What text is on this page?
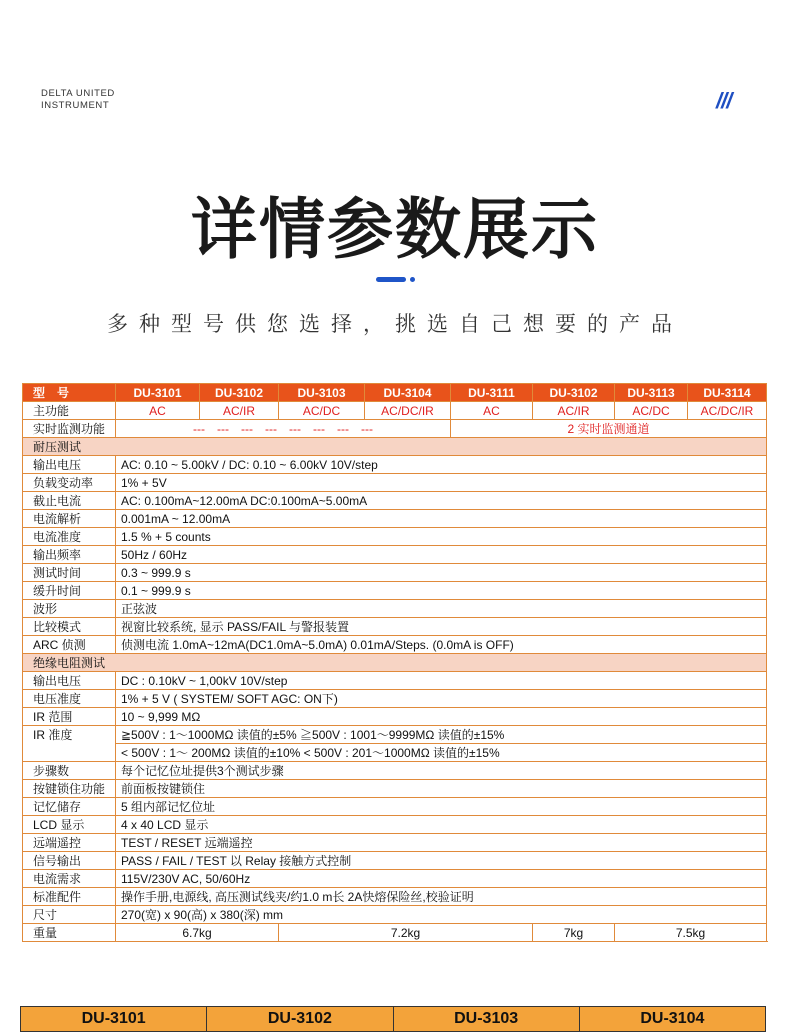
DELTA UNITED
INSTRUMENT	///
详情参数展示
多种型号供您选择，挑选自己想要的产品
型　号	DU-3101	DU-3102	DU-3103	DU-3104	DU-3111	DU-3102	DU-3113	DU-3114
主功能	AC	AC/IR	AC/DC	AC/DC/IR	AC	AC/IR	AC/DC	AC/DC/IR
实时监测功能	---　---　---　---　---　---　---　---				2 实时监测通道			
耐压测试								
输出电压	AC: 0.10 ~ 5.00kV / DC: 0.10 ~ 6.00kV 10V/step							
负载变动率	1% + 5V							
截止电流	AC: 0.100mA~12.00mA DC:0.100mA~5.00mA							
电流解析	0.001mA ~ 12.00mA							
电流准度	1.5 % + 5 counts							
输出频率	50Hz / 60Hz							
测试时间	0.3 ~ 999.9 s							
缓升时间	0.1 ~ 999.9 s							
波形	正弦波							
比较模式	视窗比较系统, 显示 PASS/FAIL 与警报装置							
ARC 侦测	侦测电流 1.0mA~12mA(DC1.0mA~5.0mA) 0.01mA/Steps. (0.0mA is OFF)							
绝缘电阻测试								
输出电压	DC : 0.10kV ~ 1,00kV 10V/step							
电压准度	1% + 5 V ( SYSTEM/ SOFT AGC: ON下)							
IR 范围	10 ~ 9,999 MΩ							
IR 准度	≧500V : 1～1000MΩ 读值的±5% ≧500V : 1001～9999MΩ 读值的±15%							
	< 500V : 1～ 200MΩ 读值的±10% < 500V : 201～1000MΩ 读值的±15%							
步骤数	每个记忆位址提供3个测试步骤							
按键锁住功能	前面板按键锁住							
记忆储存	5 组内部记忆位址							
LCD 显示	4 x 40 LCD 显示							
远端遥控	TEST / RESET 远端遥控							
信号输出	PASS / FAIL / TEST 以 Relay 接触方式控制							
电流需求	115V/230V AC, 50/60Hz							
标准配件	操作手册,电源线, 高压测试线夹/约1.0 m长 2A快熔保险丝,校验证明							
尺寸	270(宽) x 90(高) x 380(深) mm							
重量	6.7kg		7.2kg			7kg	7.5kg	
DU-3101	DU-3102	DU-3103	DU-3104
